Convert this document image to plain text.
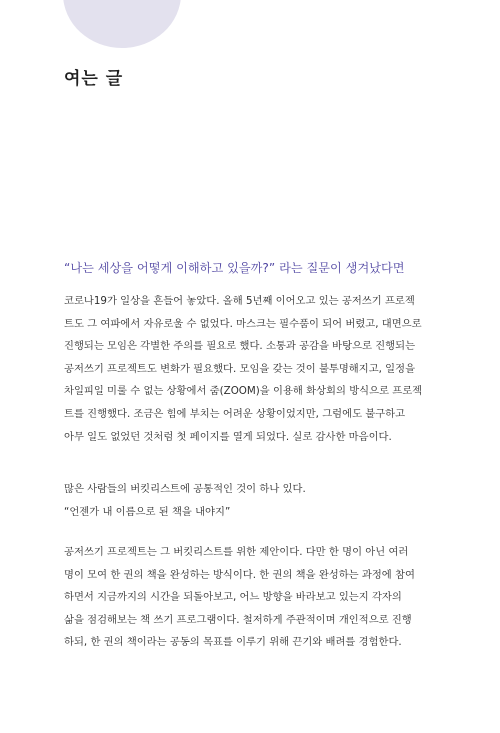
여는 글

“나는 세상을 어떻게 이해하고 있을까?” 라는 질문이 생겨났다면

코로나19가 일상을 흔들어 놓았다. 올해 5년째 이어오고 있는 공저쓰기 프로젝
트도 그 여파에서 자유로울 수 없었다. 마스크는 필수품이 되어 버렸고, 대면으로
진행되는 모임은 각별한 주의를 필요로 했다. 소통과 공감을 바탕으로 진행되는
공저쓰기 프로젝트도 변화가 필요했다. 모임을 갖는 것이 불투명해지고, 일정을
차일피일 미룰 수 없는 상황에서 줌(ZOOM)을 이용해 화상회의 방식으로 프로젝
트를 진행했다. 조금은 힘에 부치는 어려운 상황이었지만, 그럼에도 불구하고
아무 일도 없었던 것처럼 첫 페이지를 열게 되었다. 실로 감사한 마음이다.
많은 사람들의 버킷리스트에 공통적인 것이 하나 있다.
“언젠가 내 이름으로 된 책을 내야지”
공저쓰기 프로젝트는 그 버킷리스트를 위한 제안이다. 다만 한 명이 아닌 여러
명이 모여 한 권의 책을 완성하는 방식이다. 한 권의 책을 완성하는 과정에 참여
하면서 지금까지의 시간을 되돌아보고, 어느 방향을 바라보고 있는지 각자의
삶을 점검해보는 책 쓰기 프로그램이다. 철저하게 주관적이며 개인적으로 진행
하되, 한 권의 책이라는 공동의 목표를 이루기 위해 끈기와 배려를 경험한다.
